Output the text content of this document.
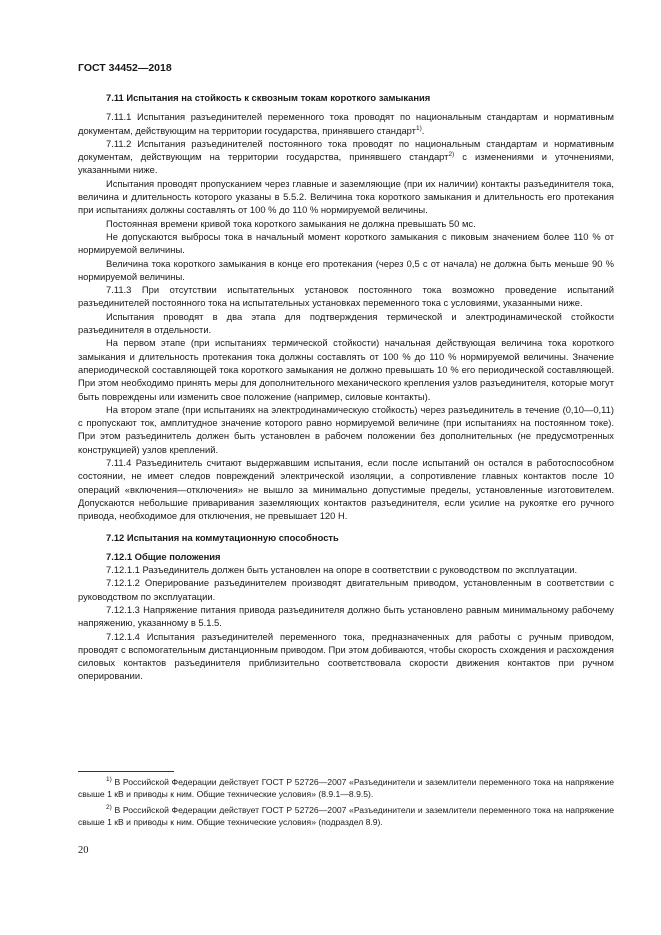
ГОСТ 34452—2018

7.11 Испытания на стойкость к сквозным токам короткого замыкания

7.11.1 Испытания разъединителей переменного тока проводят по национальным стандартам и нормативным документам, действующим на территории государства, принявшего стандарт$^{1)}$.

7.11.2 Испытания разъединителей постоянного тока проводят по национальным стандартам и нормативным документам, действующим на территории государства, принявшего стандарт$^{2)}$ с изменениями и уточнениями, указанными ниже.

Испытания проводят пропусканием через главные и заземляющие (при их наличии) контакты разъединителя тока, величина и длительность которого указаны в 5.5.2. Величина тока короткого замыкания и длительность его протекания при испытаниях должны составлять от 100 % до 110 % нормируемой величины.

Постоянная времени кривой тока короткого замыкания не должна превышать 50 мс.

Не допускаются выбросы тока в начальный момент короткого замыкания с пиковым значением более 110 % от нормируемой величины.

Величина тока короткого замыкания в конце его протекания (через 0,5 с от начала) не должна быть меньше 90 % нормируемой величины.

7.11.3 При отсутствии испытательных установок постоянного тока возможно проведение испытаний разъединителей постоянного тока на испытательных установках переменного тока с условиями, указанными ниже.

Испытания проводят в два этапа для подтверждения термической и электродинамической стойкости разъединителя в отдельности.

На первом этапе (при испытаниях термической стойкости) начальная действующая величина тока короткого замыкания и длительность протекания тока должны составлять от 100 % до 110 % нормируемой величины. Значение апериодической составляющей тока короткого замыкания не должно превышать 10 % его периодической составляющей. При этом необходимо принять меры для дополнительного механического крепления узлов разъединителя, которые могут быть повреждены или изменить свое положение (например, силовые контакты).

На втором этапе (при испытаниях на электродинамическую стойкость) через разъединитель в течение (0,10—0,11) с пропускают ток, амплитудное значение которого равно нормируемой величине (при испытаниях на постоянном токе). При этом разъединитель должен быть установлен в рабочем положении без дополнительных (не предусмотренных конструкцией) узлов креплений.

7.11.4 Разъединитель считают выдержавшим испытания, если после испытаний он остался в работоспособном состоянии, не имеет следов повреждений электрической изоляции, а сопротивление главных контактов после 10 операций «включения—отключения» не вышло за минимально допустимые пределы, установленные изготовителем. Допускаются небольшие приваривания заземляющих контактов разъединителя, если усилие на рукоятке его ручного привода, необходимое для отключения, не превышает 120 Н.

7.12 Испытания на коммутационную способность

7.12.1 Общие положения

7.12.1.1 Разъединитель должен быть установлен на опоре в соответствии с руководством по эксплуатации.

7.12.1.2 Оперирование разъединителем производят двигательным приводом, установленным в соответствии с руководством по эксплуатации.

7.12.1.3 Напряжение питания привода разъединителя должно быть установлено равным минимальному рабочему напряжению, указанному в 5.1.5.

7.12.1.4 Испытания разъединителей переменного тока, предназначенных для работы с ручным приводом, проводят с вспомогательным дистанционным приводом. При этом добиваются, чтобы скорость схождения и расхождения силовых контактов разъединителя приблизительно соответствовала скорости движения контактов при ручном оперировании.

$^{1)}$ В Российской Федерации действует ГОСТ Р 52726—2007 «Разъединители и заземлители переменного тока на напряжение свыше 1 кВ и приводы к ним. Общие технические условия» (8.9.1—8.9.5).

$^{2)}$ В Российской Федерации действует ГОСТ Р 52726—2007 «Разъединители и заземлители переменного тока на напряжение свыше 1 кВ и приводы к ним. Общие технические условия» (подраздел 8.9).

20
